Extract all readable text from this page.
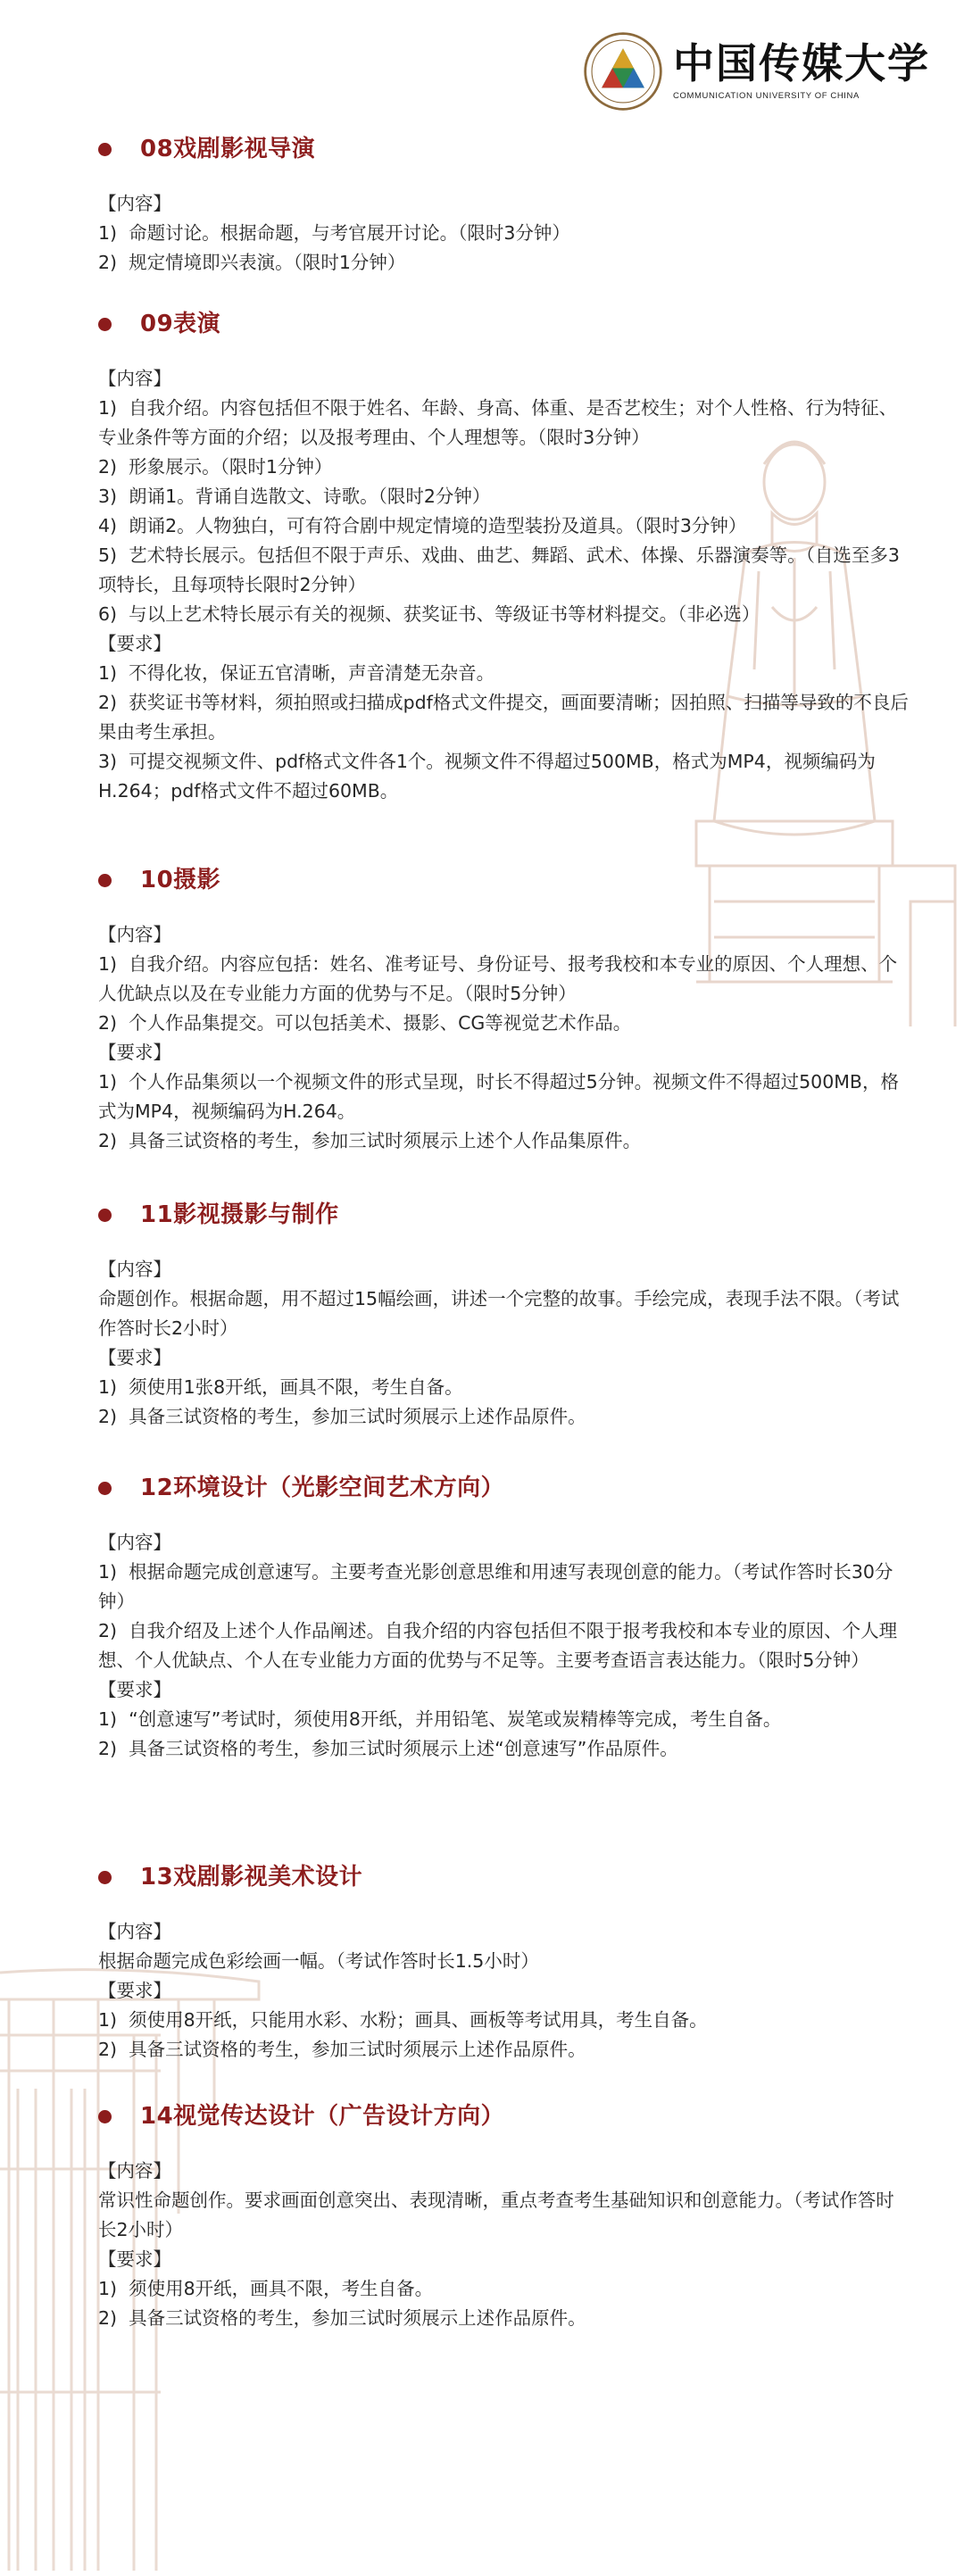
中国传媒大学
COMMUNICATION UNIVERSITY OF CHINA
08戏剧影视导演
【内容】
1)  命题讨论。根据命题，与考官展开讨论。（限时3分钟）
2)  规定情境即兴表演。（限时1分钟）
09表演
【内容】
1)  自我介绍。内容包括但不限于姓名、年龄、身高、体重、是否艺校生；对个人性格、行为特征、专业条件等方面的介绍；以及报考理由、个人理想等。（限时3分钟）
2)  形象展示。（限时1分钟）
3)  朗诵1。背诵自选散文、诗歌。（限时2分钟）
4)  朗诵2。人物独白，可有符合剧中规定情境的造型装扮及道具。（限时3分钟）
5)  艺术特长展示。包括但不限于声乐、戏曲、曲艺、舞蹈、武术、体操、乐器演奏等。（自选至多3项特长，且每项特长限时2分钟）
6)  与以上艺术特长展示有关的视频、获奖证书、等级证书等材料提交。（非必选）
【要求】
1)  不得化妆，保证五官清晰，声音清楚无杂音。
2)  获奖证书等材料，须拍照或扫描成pdf格式文件提交，画面要清晰；因拍照、扫描等导致的不良后果由考生承担。
3)  可提交视频文件、pdf格式文件各1个。视频文件不得超过500MB，格式为MP4，视频编码为H.264；pdf格式文件不超过60MB。
10摄影
【内容】
1)  自我介绍。内容应包括：姓名、准考证号、身份证号、报考我校和本专业的原因、个人理想、个人优缺点以及在专业能力方面的优势与不足。（限时5分钟）
2)  个人作品集提交。可以包括美术、摄影、CG等视觉艺术作品。
【要求】
1)  个人作品集须以一个视频文件的形式呈现，时长不得超过5分钟。视频文件不得超过500MB，格式为MP4，视频编码为H.264。
2)  具备三试资格的考生，参加三试时须展示上述个人作品集原件。
11影视摄影与制作
【内容】
命题创作。根据命题，用不超过15幅绘画，讲述一个完整的故事。手绘完成，表现手法不限。（考试作答时长2小时）
【要求】
1)  须使用1张8开纸，画具不限，考生自备。
2)  具备三试资格的考生，参加三试时须展示上述作品原件。
12环境设计（光影空间艺术方向）
【内容】
1)  根据命题完成创意速写。主要考查光影创意思维和用速写表现创意的能力。（考试作答时长30分钟）
2)  自我介绍及上述个人作品阐述。自我介绍的内容包括但不限于报考我校和本专业的原因、个人理想、个人优缺点、个人在专业能力方面的优势与不足等。主要考查语言表达能力。（限时5分钟）
【要求】
1)  “创意速写”考试时，须使用8开纸，并用铅笔、炭笔或炭精棒等完成，考生自备。
2)  具备三试资格的考生，参加三试时须展示上述“创意速写”作品原件。
13戏剧影视美术设计
【内容】
根据命题完成色彩绘画一幅。（考试作答时长1.5小时）
【要求】
1)  须使用8开纸，只能用水彩、水粉；画具、画板等考试用具，考生自备。
2)  具备三试资格的考生，参加三试时须展示上述作品原件。
14视觉传达设计（广告设计方向）
【内容】
常识性命题创作。要求画面创意突出、表现清晰，重点考查考生基础知识和创意能力。（考试作答时长2小时）
【要求】
1)  须使用8开纸，画具不限，考生自备。
2)  具备三试资格的考生，参加三试时须展示上述作品原件。
